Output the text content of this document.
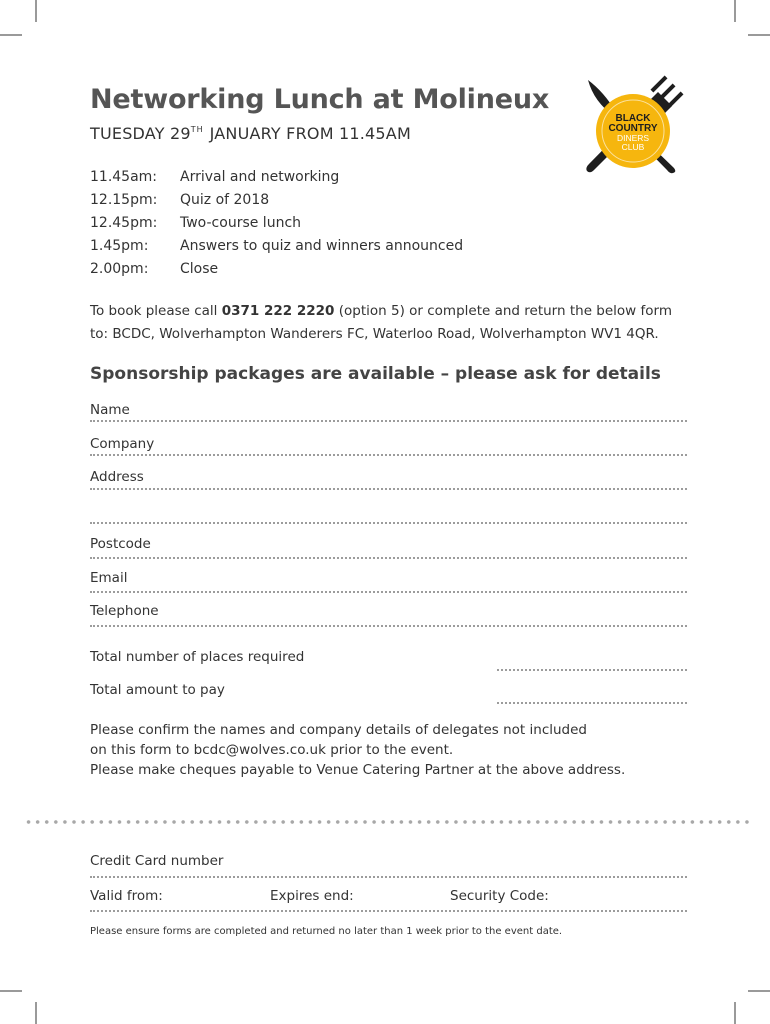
Networking Lunch at Molineux
TUESDAY 29TH JANUARY FROM 11.45AM
BLACK
COUNTRY
DINERS
CLUB
11.45am:	Arrival and networking
12.15pm:	Quiz of 2018
12.45pm:	Two-course lunch
1.45pm:	Answers to quiz and winners announced
2.00pm:	Close
To book please call 0371 222 2220 (option 5) or complete and return the below form
to: BCDC, Wolverhampton Wanderers FC, Waterloo Road, Wolverhampton WV1 4QR.
Sponsorship packages are available – please ask for details
Name
Company
Address
Postcode
Email
Telephone
Total number of places required
Total amount to pay
Please confirm the names and company details of delegates not included
on this form to bcdc@wolves.co.uk prior to the event.
Please make cheques payable to Venue Catering Partner at the above address.
Credit Card number
Valid from:	Expires end:	Security Code:
Please ensure forms are completed and returned no later than 1 week prior to the event date.
